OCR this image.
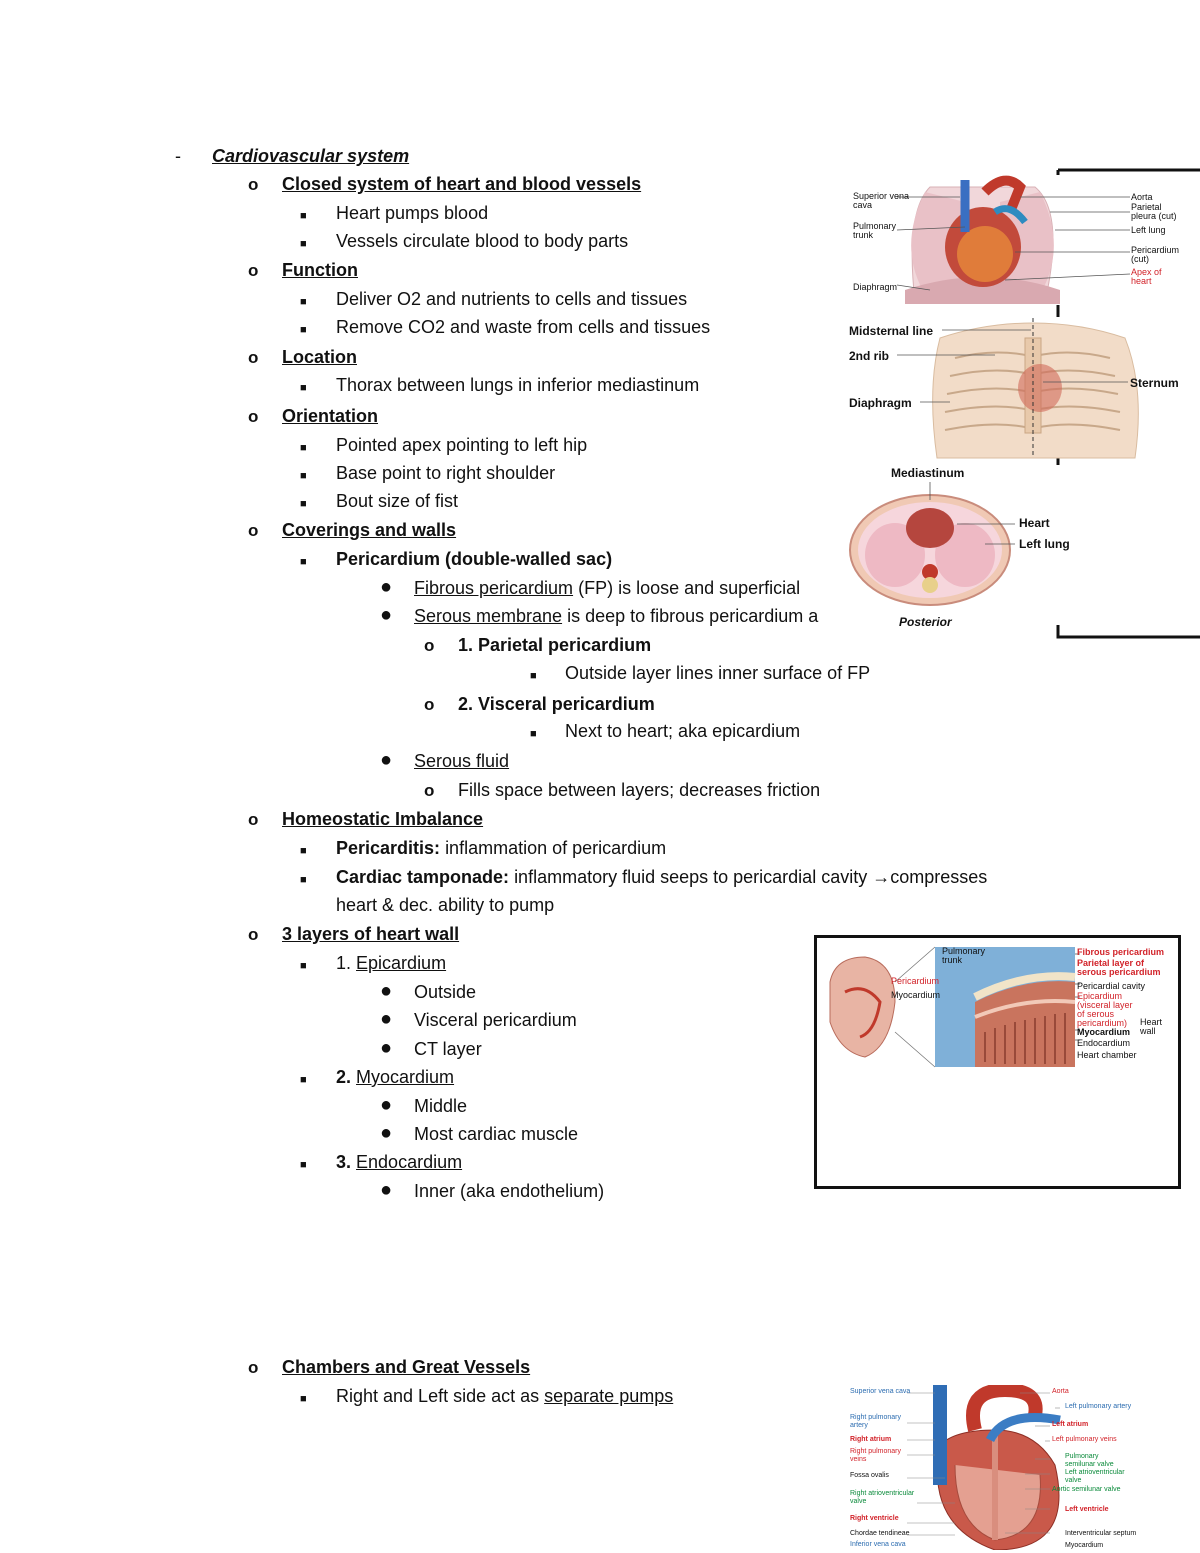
- Cardiovascular system
o Closed system of heart and blood vessels
■ Heart pumps blood
■ Vessels circulate blood to body parts
o Function
■ Deliver O2 and nutrients to cells and tissues
■ Remove CO2 and waste from cells and tissues
o Location
■ Thorax between lungs in inferior mediastinum
o Orientation
■ Pointed apex pointing to left hip
■ Base point to right shoulder
■ Bout size of fist
o Coverings and walls
■ Pericardium (double-walled sac)
● Fibrous pericardium (FP) is loose and superficial
● Serous membrane is deep to fibrous pericardium a
o 1. Parietal pericardium
■ Outside layer lines inner surface of FP
o 2. Visceral pericardium
■ Next to heart; aka epicardium
● Serous fluid
o Fills space between layers; decreases friction
o Homeostatic Imbalance
■ Pericarditis: inflammation of pericardium
■ Cardiac tamponade: inflammatory fluid seeps to pericardial cavity →compresses
heart & dec. ability to pump
o 3 layers of heart wall
■ 1. Epicardium
● Outside
● Visceral pericardium
● CT layer
■ 2. Myocardium
● Middle
● Most cardiac muscle
■ 3. Endocardium
● Inner (aka endothelium)
o Chambers and Great Vessels
■ Right and Left side act as separate pumps
Superior vena cava
Pulmonary trunk
Diaphragm
Aorta
Parietal pleura (cut)
Left lung
Pericardium (cut)
Apex of heart
Midsternal line
2nd rib
Diaphragm
Sternum
Mediastinum
Heart
Left lung
Posterior
Pulmonary trunk
Pericardium
Myocardium
Fibrous pericardium
Parietal layer of serous pericardium
Pericardial cavity
Epicardium (visceral layer of serous pericardium)
Myocardium
Endocardium
Heart chamber
Heart wall
Superior vena cava
Right pulmonary artery
Right atrium
Right pulmonary veins
Fossa ovalis
Right atrioventricular valve
Right ventricle
Chordae tendineae
Inferior vena cava
Aorta
Left pulmonary artery
Left atrium
Left pulmonary veins
Pulmonary semilunar valve
Left atrioventricular valve
Aortic semilunar valve
Left ventricle
Interventricular septum
Myocardium
